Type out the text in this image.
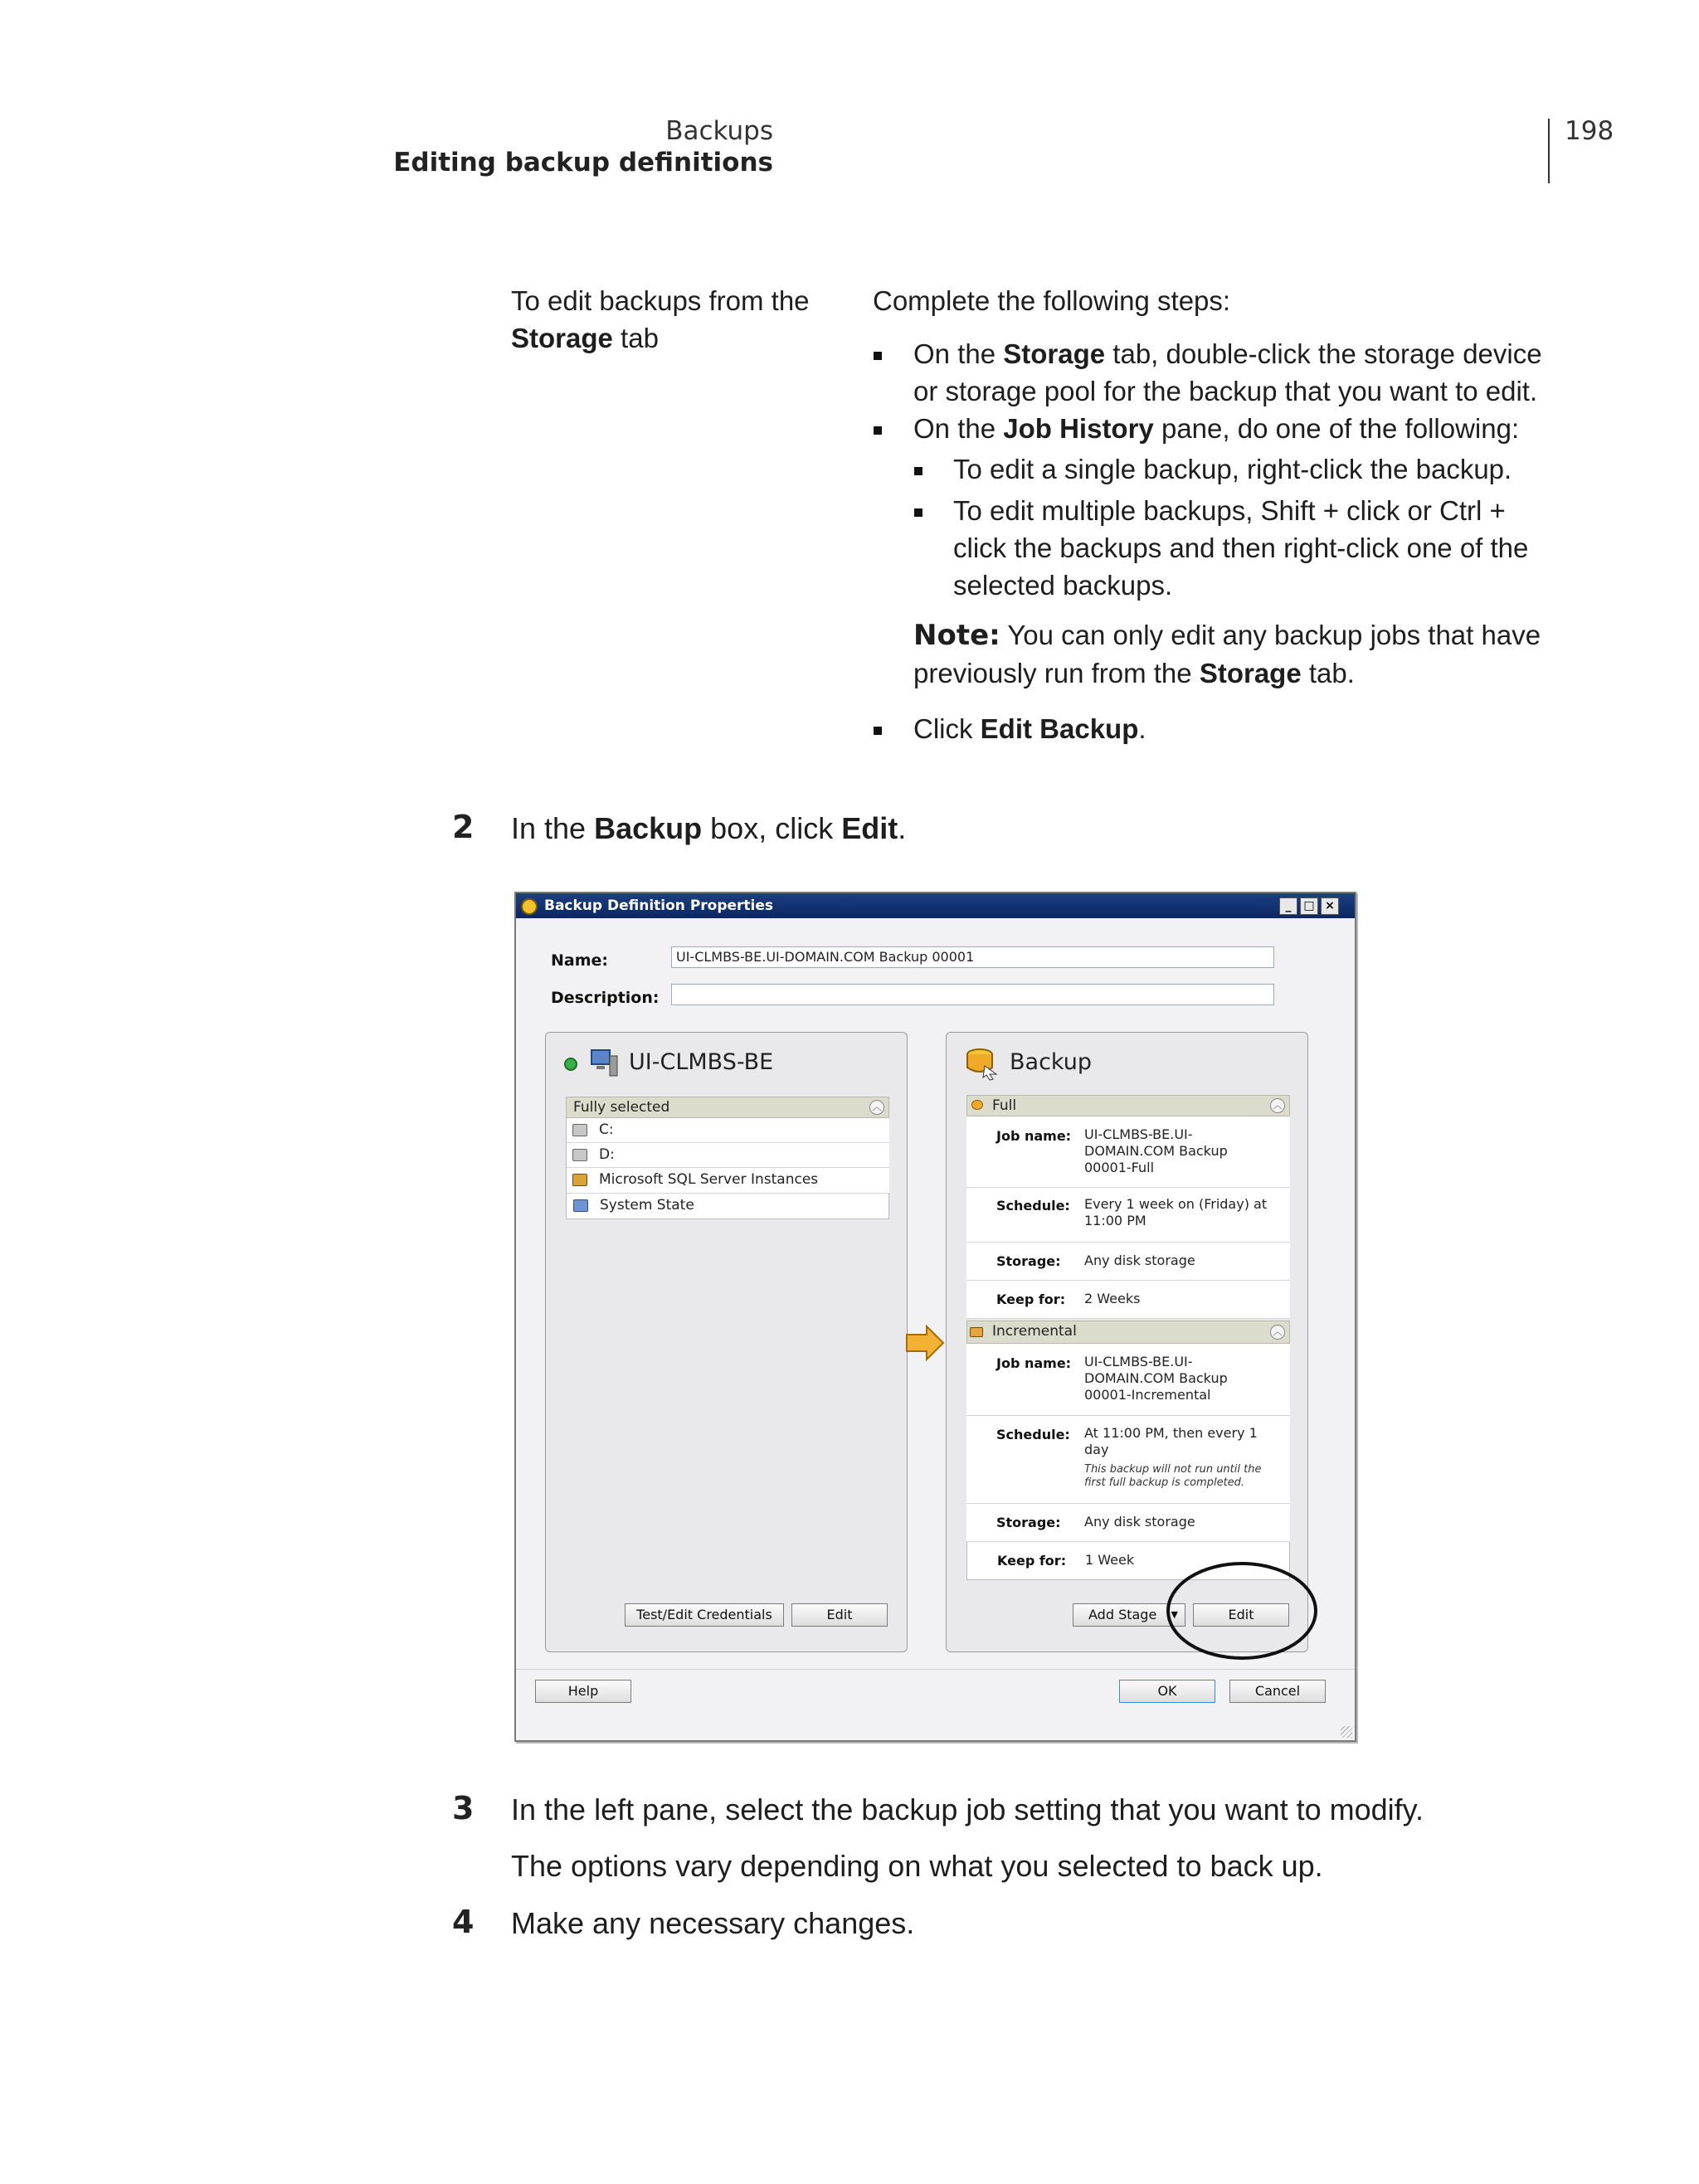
Backups
Editing backup definitions
198
To edit backups from the
Storage tab
Complete the following steps:
On the Storage tab, double-click the storage device
or storage pool for the backup that you want to edit.
On the Job History pane, do one of the following:
To edit a single backup, right-click the backup.
To edit multiple backups, Shift + click or Ctrl +
click the backups and then right-click one of the
selected backups.
Note: You can only edit any backup jobs that have
previously run from the Storage tab.
Click Edit Backup.
2 In the Backup box, click Edit.
Backup Definition Properties	_	□ ×
Name:	UI-CLMBS-BE.UI-DOMAIN.COM Backup 00001
Description:
UI-CLMBS-BE
Fully selected	︿
C:
D:
Microsoft SQL Server Instances
System State
Test/Edit Credentials	Edit
Backup
Full	︿
Job name: UI-CLMBS-BE.UI-
DOMAIN.COM Backup
00001-Full
Schedule: Every 1 week on (Friday) at
11:00 PM
Storage: Any disk storage
Keep for: 2 Weeks
Incremental	︿
Job name: UI-CLMBS-BE.UI-
DOMAIN.COM Backup
00001-Incremental
Schedule: At 11:00 PM, then every 1
day
This backup will not run until the
first full backup is completed.
Storage: Any disk storage
Keep for: 1 Week
Add Stage ▼	Edit
Help	OK	Cancel
3 In the left pane, select the backup job setting that you want to modify.
The options vary depending on what you selected to back up.
4 Make any necessary changes.
